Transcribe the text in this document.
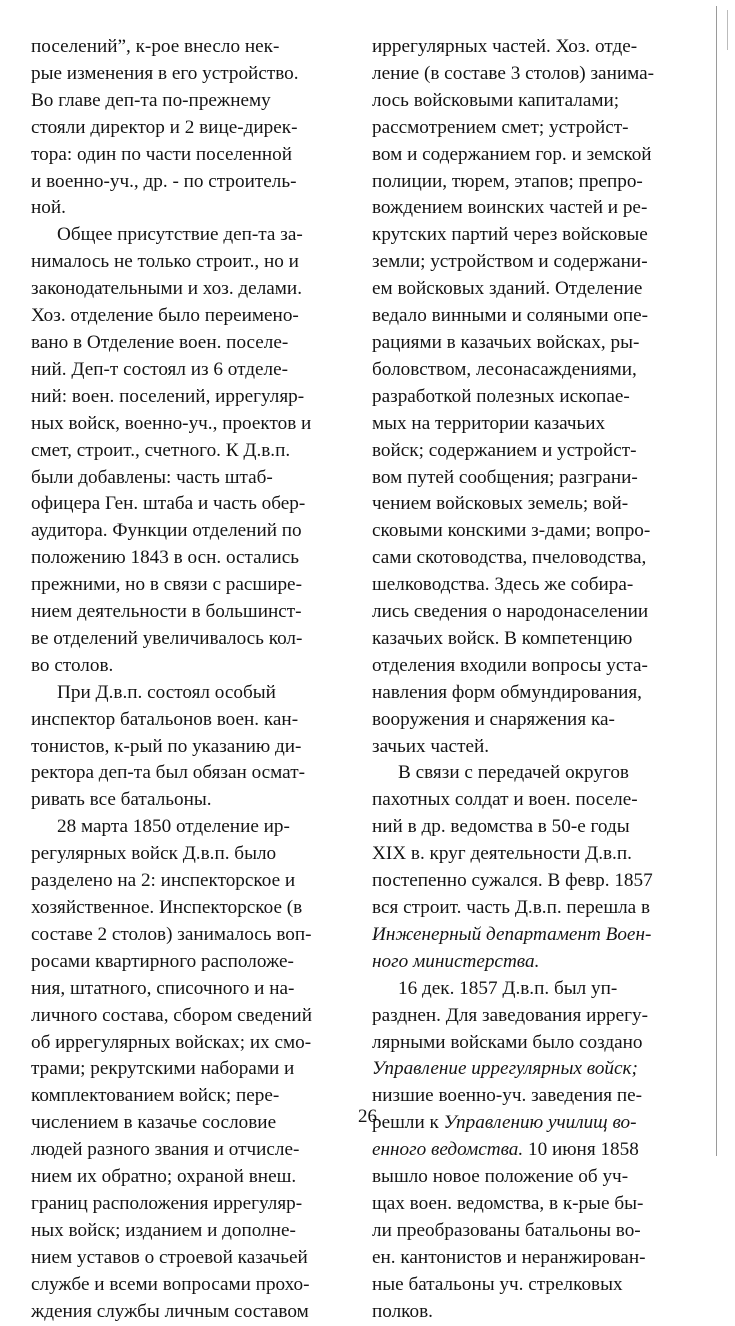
поселений”, к-рое внесло нек-
рые изменения в его устройство.
Во главе деп-та по-прежнему
стояли директор и 2 вице-дирек-
тора: один по части поселенной
и военно-уч., др. - по строитель-
ной.
Общее присутствие деп-та за-
нималось не только строит., но и
законодательными и хоз. делами.
Хоз. отделение было переимено-
вано в Отделение воен. поселе-
ний. Деп-т состоял из 6 отделе-
ний: воен. поселений, иррегуляр-
ных войск, военно-уч., проектов и
смет, строит., счетного. К Д.в.п.
были добавлены: часть штаб-
офицера Ген. штаба и часть обер-
аудитора. Функции отделений по
положению 1843 в осн. остались
прежними, но в связи с расшире-
нием деятельности в большинст-
ве отделений увеличивалось кол-
во столов.
При Д.в.п. состоял особый
инспектор батальонов воен. кан-
тонистов, к-рый по указанию ди-
ректора деп-та был обязан осмат-
ривать все батальоны.
28 марта 1850 отделение ир-
регулярных войск Д.в.п. было
разделено на 2: инспекторское и
хозяйственное. Инспекторское (в
составе 2 столов) занималось воп-
росами квартирного расположе-
ния, штатного, списочного и на-
личного состава, сбором сведений
об иррегулярных войсках; их смо-
трами; рекрутскими наборами и
комплектованием войск; пере-
числением в казачье сословие
людей разного звания и отчисле-
нием их обратно; охраной внеш.
границ расположения иррегуляр-
ных войск; изданием и дополне-
нием уставов о строевой казачьей
службе и всеми вопросами прохо-
ждения службы личным составом
иррегулярных частей. Хоз. отде-
ление (в составе 3 столов) занима-
лось войсковыми капиталами;
рассмотрением смет; устройст-
вом и содержанием гор. и земской
полиции, тюрем, этапов; препро-
вождением воинских частей и ре-
крутских партий через войсковые
земли; устройством и содержани-
ем войсковых зданий. Отделение
ведало винными и соляными опе-
рациями в казачьих войсках, ры-
боловством, лесонасаждениями,
разработкой полезных ископае-
мых на территории казачьих
войск; содержанием и устройст-
вом путей сообщения; разграни-
чением войсковых земель; вой-
сковыми конскими з-дами; вопро-
сами скотоводства, пчеловодства,
шелководства. Здесь же собира-
лись сведения о народонаселении
казачьих войск. В компетенцию
отделения входили вопросы уста-
навления форм обмундирования,
вооружения и снаряжения ка-
зачьих частей.
В связи с передачей округов
пахотных солдат и воен. поселе-
ний в др. ведомства в 50-е годы
XIX в. круг деятельности Д.в.п.
постепенно сужался. В февр. 1857
вся строит. часть Д.в.п. перешла в
Инженерный департамент Воен-
ного министерства.
16 дек. 1857 Д.в.п. был уп-
разднен. Для заведования иррегу-
лярными войсками было создано
Управление иррегулярных войск;
низшие военно-уч. заведения пе-
решли к Управлению училищ во-
енного ведомства. 10 июня 1858
вышло новое положение об уч-
щах воен. ведомства, в к-рые бы-
ли преобразованы батальоны во-
ен. кантонистов и неранжирован-
ные батальоны уч. стрелковых
полков.
26
